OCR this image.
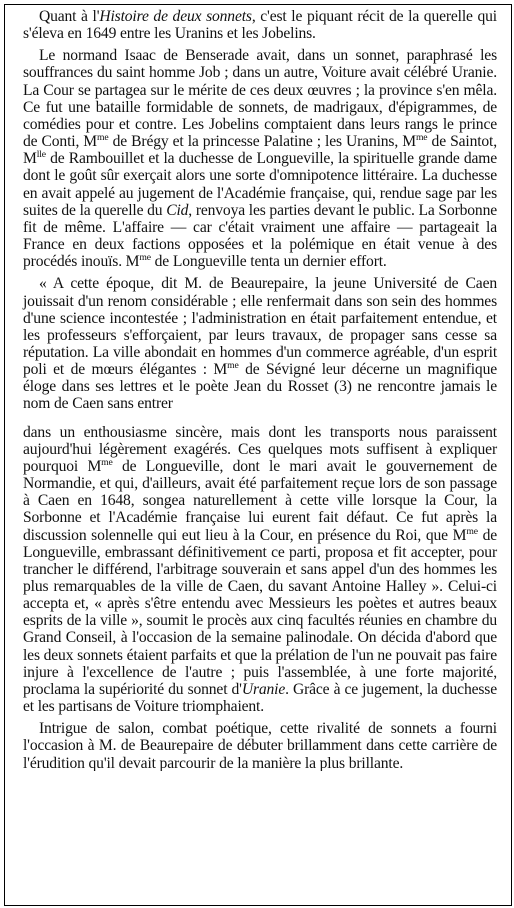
Quant à l'Histoire de deux sonnets, c'est le piquant récit de la querelle qui s'éleva en 1649 entre les Uranins et les Jobelins.

Le normand Isaac de Benserade avait, dans un sonnet, paraphrasé les souffrances du saint homme Job ; dans un autre, Voiture avait célébré Uranie. La Cour se partagea sur le mérite de ces deux œuvres ; la province s'en mêla. Ce fut une bataille formidable de sonnets, de madrigaux, d'épigrammes, de comédies pour et contre. Les Jobelins comptaient dans leurs rangs le prince de Conti, $M^{me}$ de Brégy et la princesse Palatine ; les Uranins, $M^{me}$ de Saintot, $M^{lle}$ de Rambouillet et la duchesse de Longueville, la spirituelle grande dame dont le goût sûr exerçait alors une sorte d'omnipotence littéraire. La duchesse en avait appelé au jugement de l'Académie française, qui, rendue sage par les suites de la querelle du Cid, renvoya les parties devant le public. La Sorbonne fit de même. L'affaire — car c'était vraiment une affaire — partageait la France en deux factions opposées et la polémique en était venue à des procédés inouïs. $M^{me}$ de Longueville tenta un dernier effort.

« A cette époque, dit M. de Beaurepaire, la jeune Université de Caen jouissait d'un renom considérable ; elle renfermait dans son sein des hommes d'une science incontestée ; l'administration en était parfaitement entendue, et les professeurs s'efforçaient, par leurs travaux, de propager sans cesse sa réputation. La ville abondait en hommes d'un commerce agréable, d'un esprit poli et de mœurs élégantes : $M^{me}$ de Sévigné leur décerne un magnifique éloge dans ses lettres et le poète Jean du Rosset (3) ne rencontre jamais le nom de Caen sans entrer

dans un enthousiasme sincère, mais dont les transports nous paraissent aujourd'hui légèrement exagérés. Ces quelques mots suffisent à expliquer pourquoi $M^{me}$ de Longueville, dont le mari avait le gouvernement de Normandie, et qui, d'ailleurs, avait été parfaitement reçue lors de son passage à Caen en 1648, songea naturellement à cette ville lorsque la Cour, la Sorbonne et l'Académie française lui eurent fait défaut. Ce fut après la discussion solennelle qui eut lieu à la Cour, en présence du Roi, que $M^{me}$ de Longueville, embrassant définitivement ce parti, proposa et fit accepter, pour trancher le différend, l'arbitrage souverain et sans appel d'un des hommes les plus remarquables de la ville de Caen, du savant Antoine Halley ». Celui-ci accepta et, « après s'être entendu avec Messieurs les poètes et autres beaux esprits de la ville », soumit le procès aux cinq facultés réunies en chambre du Grand Conseil, à l'occasion de la semaine palinodale. On décida d'abord que les deux sonnets étaient parfaits et que la prélation de l'un ne pouvait pas faire injure à l'excellence de l'autre ; puis l'assemblée, à une forte majorité, proclama la supériorité du sonnet d'Uranie. Grâce à ce jugement, la duchesse et les partisans de Voiture triomphaient.

Intrigue de salon, combat poétique, cette rivalité de sonnets a fourni l'occasion à M. de Beaurepaire de débuter brillamment dans cette carrière de l'érudition qu'il devait parcourir de la manière la plus brillante.
